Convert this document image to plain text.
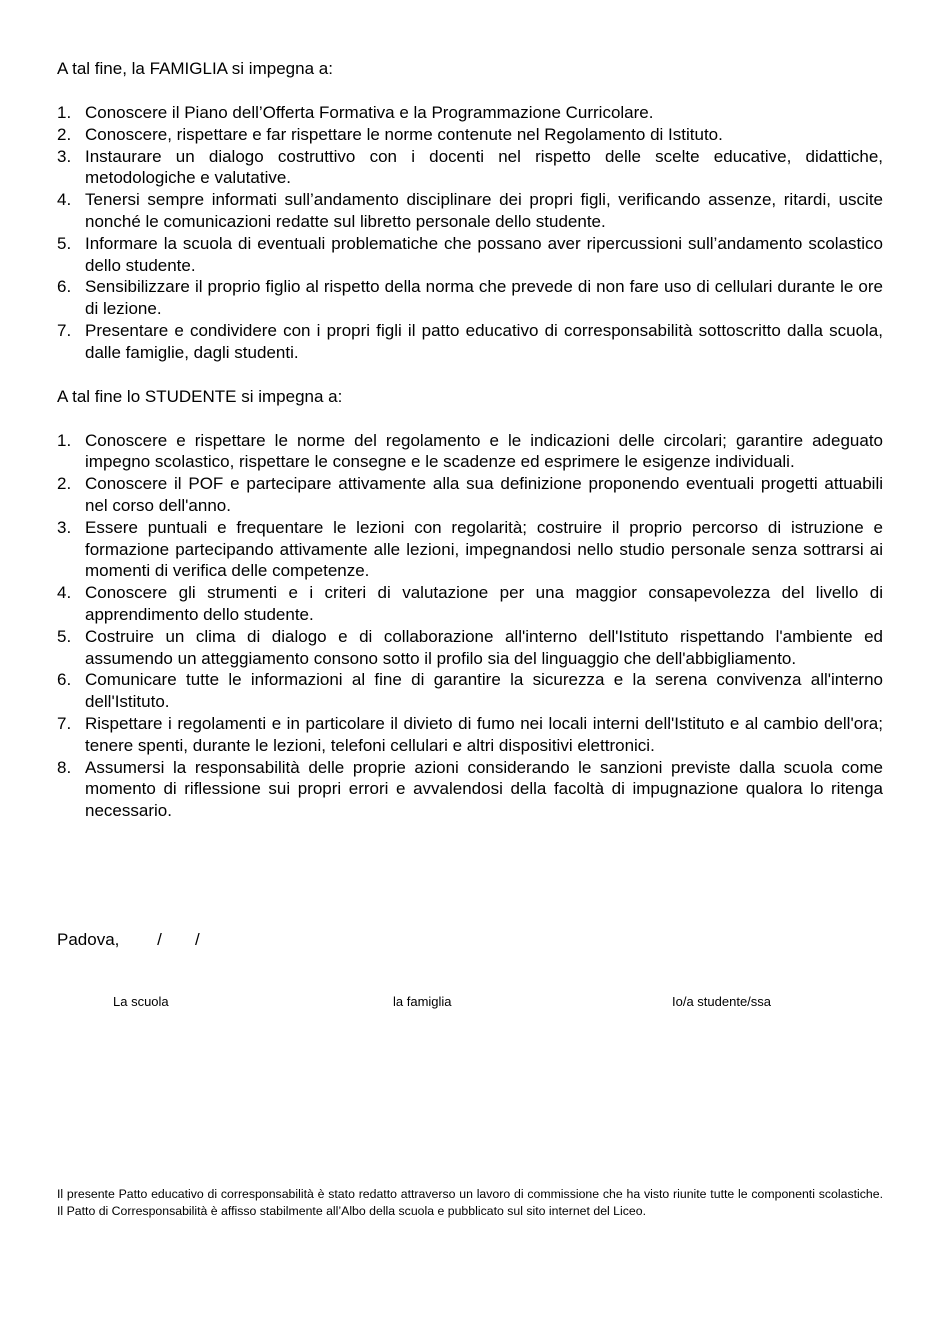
A tal fine, la FAMIGLIA si impegna a:

1. Conoscere il Piano dell’Offerta Formativa e la Programmazione Curricolare.
2. Conoscere, rispettare e far rispettare le norme contenute nel Regolamento di Istituto.
3. Instaurare un dialogo costruttivo con i docenti nel rispetto delle scelte educative, didattiche, metodologiche e valutative.
4. Tenersi sempre informati sull’andamento disciplinare dei propri figli, verificando assenze, ritardi, uscite nonché le comunicazioni redatte sul libretto personale dello studente.
5. Informare la scuola di eventuali problematiche che possano aver ripercussioni sull’andamento scolastico dello studente.
6. Sensibilizzare il proprio figlio al rispetto della norma che prevede di non fare uso di cellulari durante le ore di lezione.
7. Presentare e condividere con i propri figli il patto educativo di corresponsabilità sottoscritto dalla scuola, dalle famiglie, dagli studenti.

A tal fine lo STUDENTE si impegna a:

1. Conoscere e rispettare le norme del regolamento e le indicazioni delle circolari; garantire adeguato impegno scolastico, rispettare le consegne e le scadenze ed esprimere le esigenze individuali.
2. Conoscere il POF e partecipare attivamente alla sua definizione proponendo eventuali progetti attuabili nel corso dell'anno.
3. Essere puntuali e frequentare le lezioni con regolarità; costruire il proprio percorso di istruzione e formazione partecipando attivamente alle lezioni, impegnandosi nello studio personale senza sottrarsi ai momenti di verifica delle competenze.
4. Conoscere gli strumenti e i criteri di valutazione per una maggior consapevolezza del livello di apprendimento dello studente.
5. Costruire un clima di dialogo e di collaborazione all'interno dell'Istituto rispettando l'ambiente ed assumendo un atteggiamento consono sotto il profilo sia del linguaggio che dell'abbigliamento.
6. Comunicare tutte le informazioni al fine di garantire la sicurezza e la serena convivenza all'interno dell'Istituto.
7. Rispettare i regolamenti e in particolare il divieto di fumo nei locali interni dell'Istituto e al cambio dell'ora; tenere spenti, durante le lezioni, telefoni cellulari e altri dispositivi elettronici.
8. Assumersi la responsabilità delle proprie azioni considerando le sanzioni previste dalla scuola come momento di riflessione sui propri errori e avvalendosi della facoltà di impugnazione qualora lo ritenga necessario.
Padova,        /       /
La scuola	la famiglia	Io/a studente/ssa

Il presente Patto educativo di corresponsabilità è stato redatto attraverso un lavoro di commissione che ha visto riunite tutte le componenti scolastiche. Il Patto di Corresponsabilità è affisso stabilmente all’Albo della scuola e pubblicato sul sito internet del Liceo.
